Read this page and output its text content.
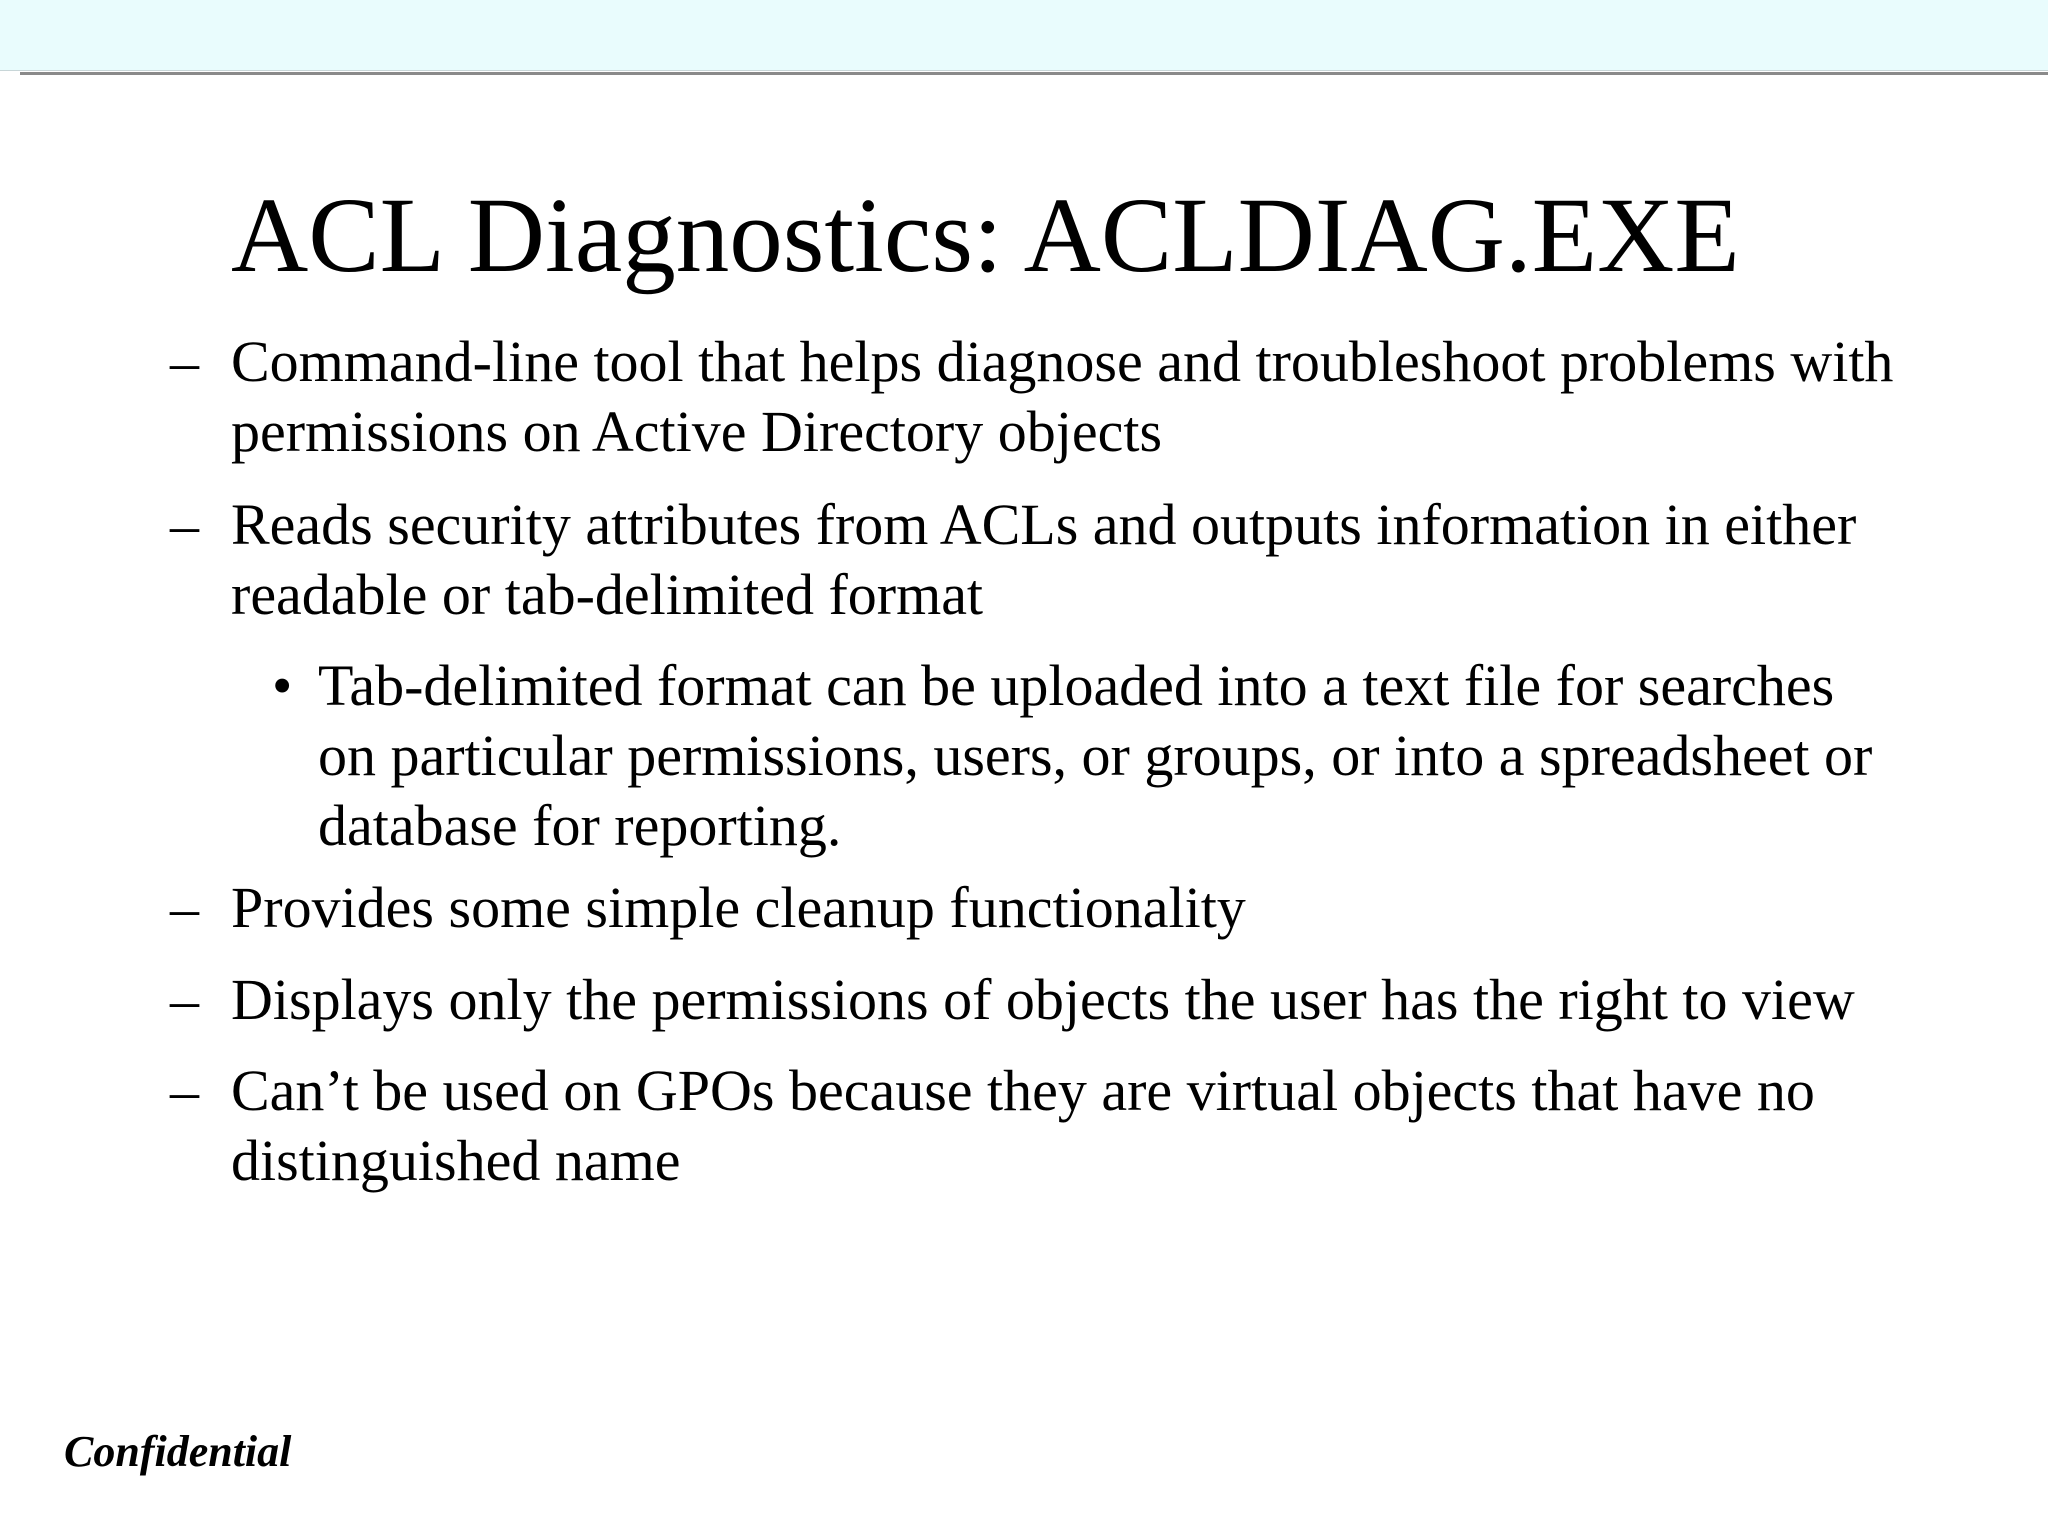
ACL Diagnostics: ACLDIAG.EXE
– Command-line tool that helps diagnose and troubleshoot problems with
permissions on Active Directory objects
– Reads security attributes from ACLs and outputs information in either
readable or tab-delimited format
• Tab-delimited format can be uploaded into a text file for searches
on particular permissions, users, or groups, or into a spreadsheet or
database for reporting.
– Provides some simple cleanup functionality
– Displays only the permissions of objects the user has the right to view
– Can’t be used on GPOs because they are virtual objects that have no
distinguished name
Confidential
